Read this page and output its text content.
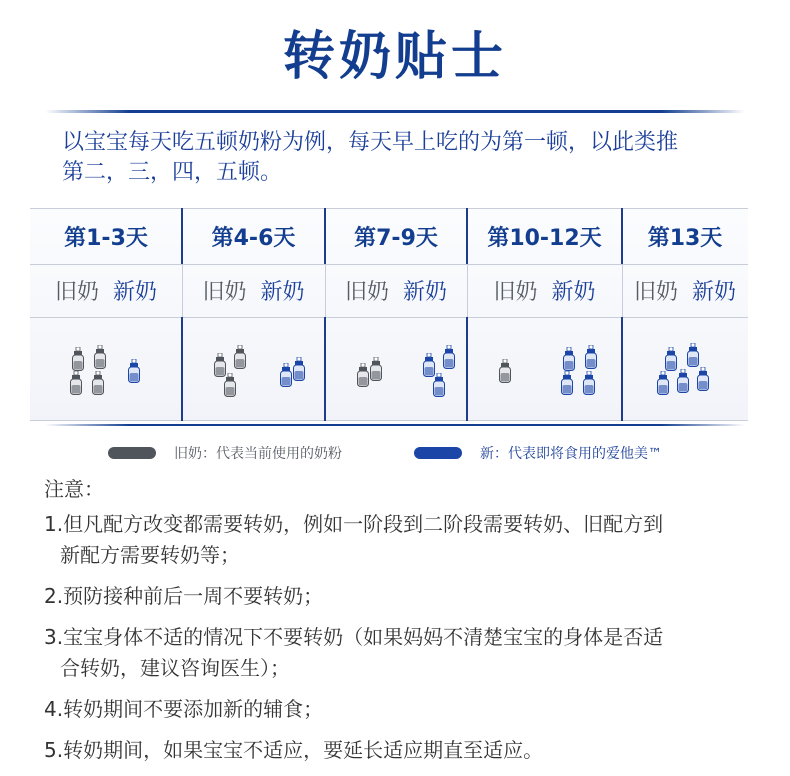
转奶贴士
以宝宝每天吃五顿奶粉为例，每天早上吃的为第一顿，以此类推
第二，三，四，五顿。
第1-3天
旧奶 新奶
第4-6天
旧奶 新奶
第7-9天
旧奶 新奶
第10-12天
旧奶 新奶
第13天
旧奶 新奶
旧奶：代表当前使用的奶粉	新：代表即将食用的爱他美™
注意：
1.但凡配方改变都需要转奶，例如一阶段到二阶段需要转奶、旧配方到
新配方需要转奶等；
2.预防接种前后一周不要转奶；
3.宝宝身体不适的情况下不要转奶（如果妈妈不清楚宝宝的身体是否适
合转奶，建议咨询医生）；
4.转奶期间不要添加新的辅食；
5.转奶期间，如果宝宝不适应，要延长适应期直至适应。
